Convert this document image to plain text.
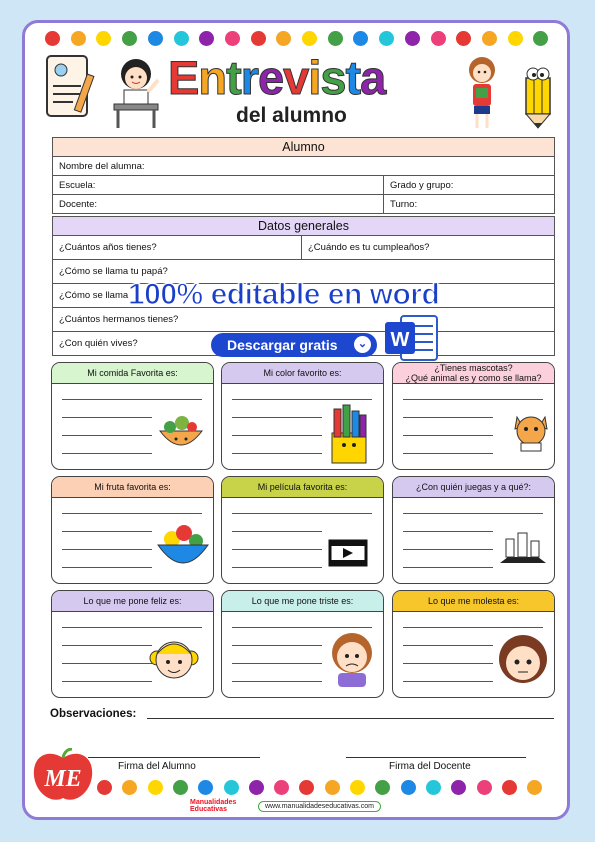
Entrevista
del alumno
Alumno	
Nombre del alumna:	
Escuela:	Grado y grupo:
Docente:	Turno:
Datos generales
¿Cuántos años tienes?	¿Cuándo es tu cumpleaños?
¿Cómo se llama tu papá?
¿Cómo se llama
¿Cuántos hermanos tienes?
¿Con quién vives?
100% editable en word
Descargar gratis	⌄ W
Mi comida Favorita es:	Mi color favorito es:	¿Tienes mascotas?
¿Qué animal es y como se llama?
Mi fruta favorita es:	Mi película favorita es:	¿Con quién juegas y a qué?:
Lo que me pone feliz es:	Lo que me pone triste es:	Lo que me molesta es:
Observaciones:
Firma del Alumno	Firma del Docente
ME
Manualidades
Educativas	www.manualidadeseducativas.com
